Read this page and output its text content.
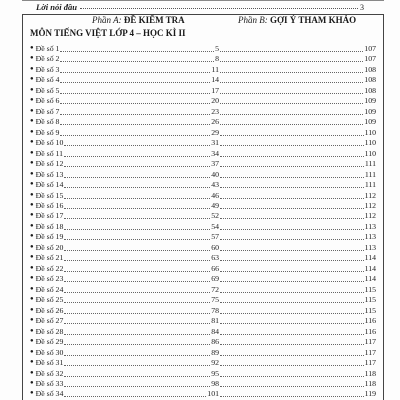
Lời nói đầu	3
Phần A: ĐỀ KIỂM TRA	Phần B: GỢI Ý THAM KHẢO
MÔN TIẾNG VIỆT LỚP 4 – HỌC KÌ II
● Đề số 1	5	107
● Đề số 2	8	107
● Đề số 3	11	108
● Đề số 4	14	108
● Đề số 5	17	108
● Đề số 6	20	109
● Đề số 7	23	109
● Đề số 8	26	109
● Đề số 9	29	110
● Đề số 10	31	110
● Đề số 11	34	110
● Đề số 12	37	111
● Đề số 13	40	111
● Đề số 14	43	111
● Đề số 15	46	112
● Đề số 16	49	112
● Đề số 17	52	112
● Đề số 18	54	113
● Đề số 19	57	113
● Đề số 20	60	113
● Đề số 21	63	114
● Đề số 22	66	114
● Đề số 23	69	114
● Đề số 24	72	115
● Đề số 25	75	115
● Đề số 26	78	115
● Đề số 27	81	116
● Đề số 28	84	116
● Đề số 29	86	117
● Đề số 30	89	117
● Đề số 31	92	117
● Đề số 32	95	118
● Đề số 33	98	118
● Đề số 34	101	119
